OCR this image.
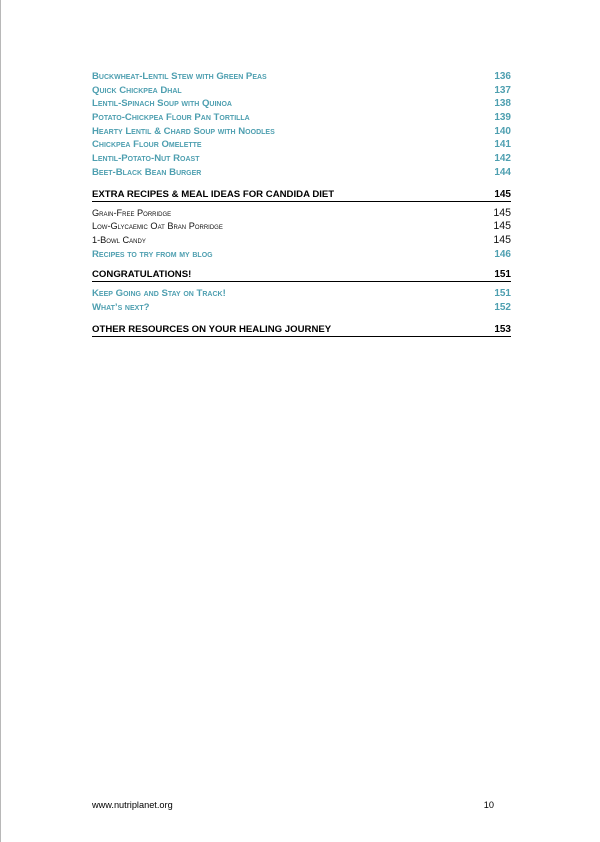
Buckwheat-Lentil Stew with Green Peas	136
Quick Chickpea Dhal	137
Lentil-Spinach Soup with Quinoa	138
Potato-Chickpea Flour Pan Tortilla	139
Hearty Lentil & Chard Soup with Noodles	140
Chickpea Flour Omelette	141
Lentil-Potato-Nut Roast	142
Beet-Black Bean Burger	144
EXTRA RECIPES & MEAL IDEAS FOR CANDIDA DIET	145
Grain-Free Porridge	145
Low-Glycaemic Oat Bran Porridge	145
1-Bowl Candy	145
Recipes to try from my blog	146
CONGRATULATIONS!	151
Keep Going and Stay on Track!	151
What’s next?	152
OTHER RESOURCES ON YOUR HEALING JOURNEY	153
www.nutriplanet.org	10
